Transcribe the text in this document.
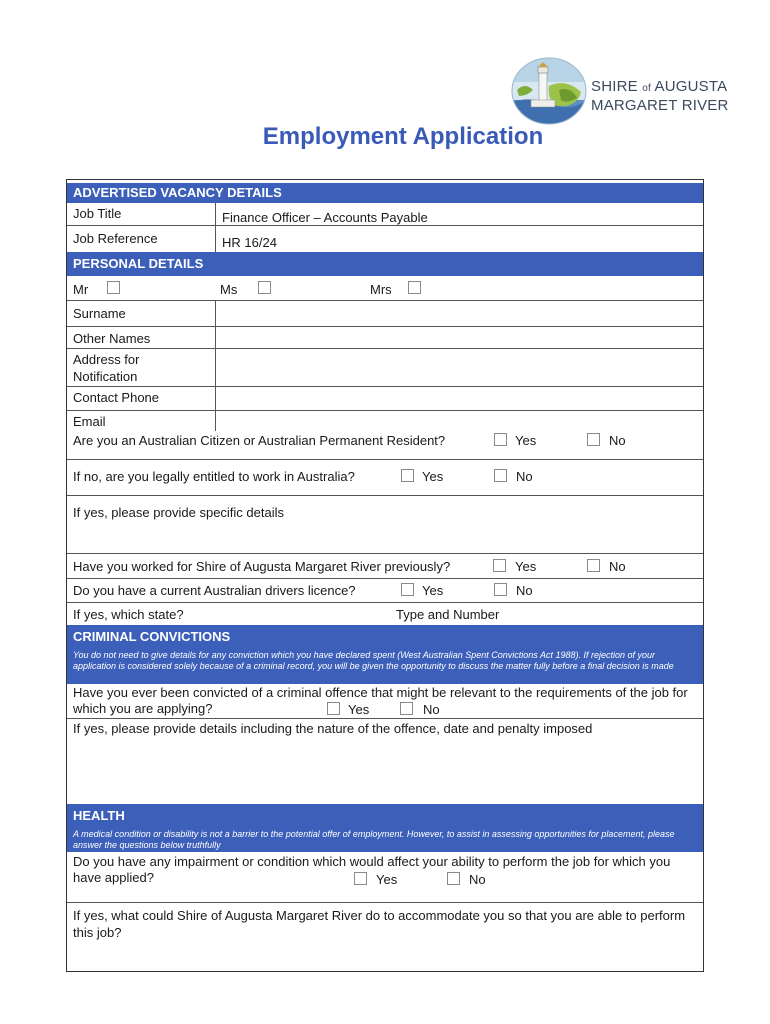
SHIRE of AUGUSTA
MARGARET RIVER
Employment Application
ADVERTISED VACANCY DETAILS
Job Title	Finance Officer – Accounts Payable
Job Reference	HR 16/24
PERSONAL DETAILS
Mr	Ms	Mrs
Surname
Other Names
Address for Notification
Contact Phone
Email
Are you an Australian Citizen or Australian Permanent Resident?	Yes	No
If no, are you legally entitled to work in Australia?	Yes	No
If yes, please provide specific details
Have you worked for Shire of Augusta Margaret River previously?	Yes	No
Do you have a current Australian drivers licence?	Yes	No
If yes, which state?	Type and Number
CRIMINAL CONVICTIONS
You do not need to give details for any conviction which you have declared spent (West Australian Spent Convictions Act 1988). If rejection of your application is considered solely because of a criminal record, you will be given the opportunity to discuss the matter fully before a final decision is made
Have you ever been convicted of a criminal offence that might be relevant to the requirements of the job for which you are applying?	Yes	No
If yes, please provide details including the nature of the offence, date and penalty imposed
HEALTH
A medical condition or disability is not a barrier to the potential offer of employment. However, to assist in assessing opportunities for placement, please answer the questions below truthfully
Do you have any impairment or condition which would affect your ability to perform the job for which you have applied?	Yes	No
If yes, what could Shire of Augusta Margaret River do to accommodate you so that you are able to perform this job?
